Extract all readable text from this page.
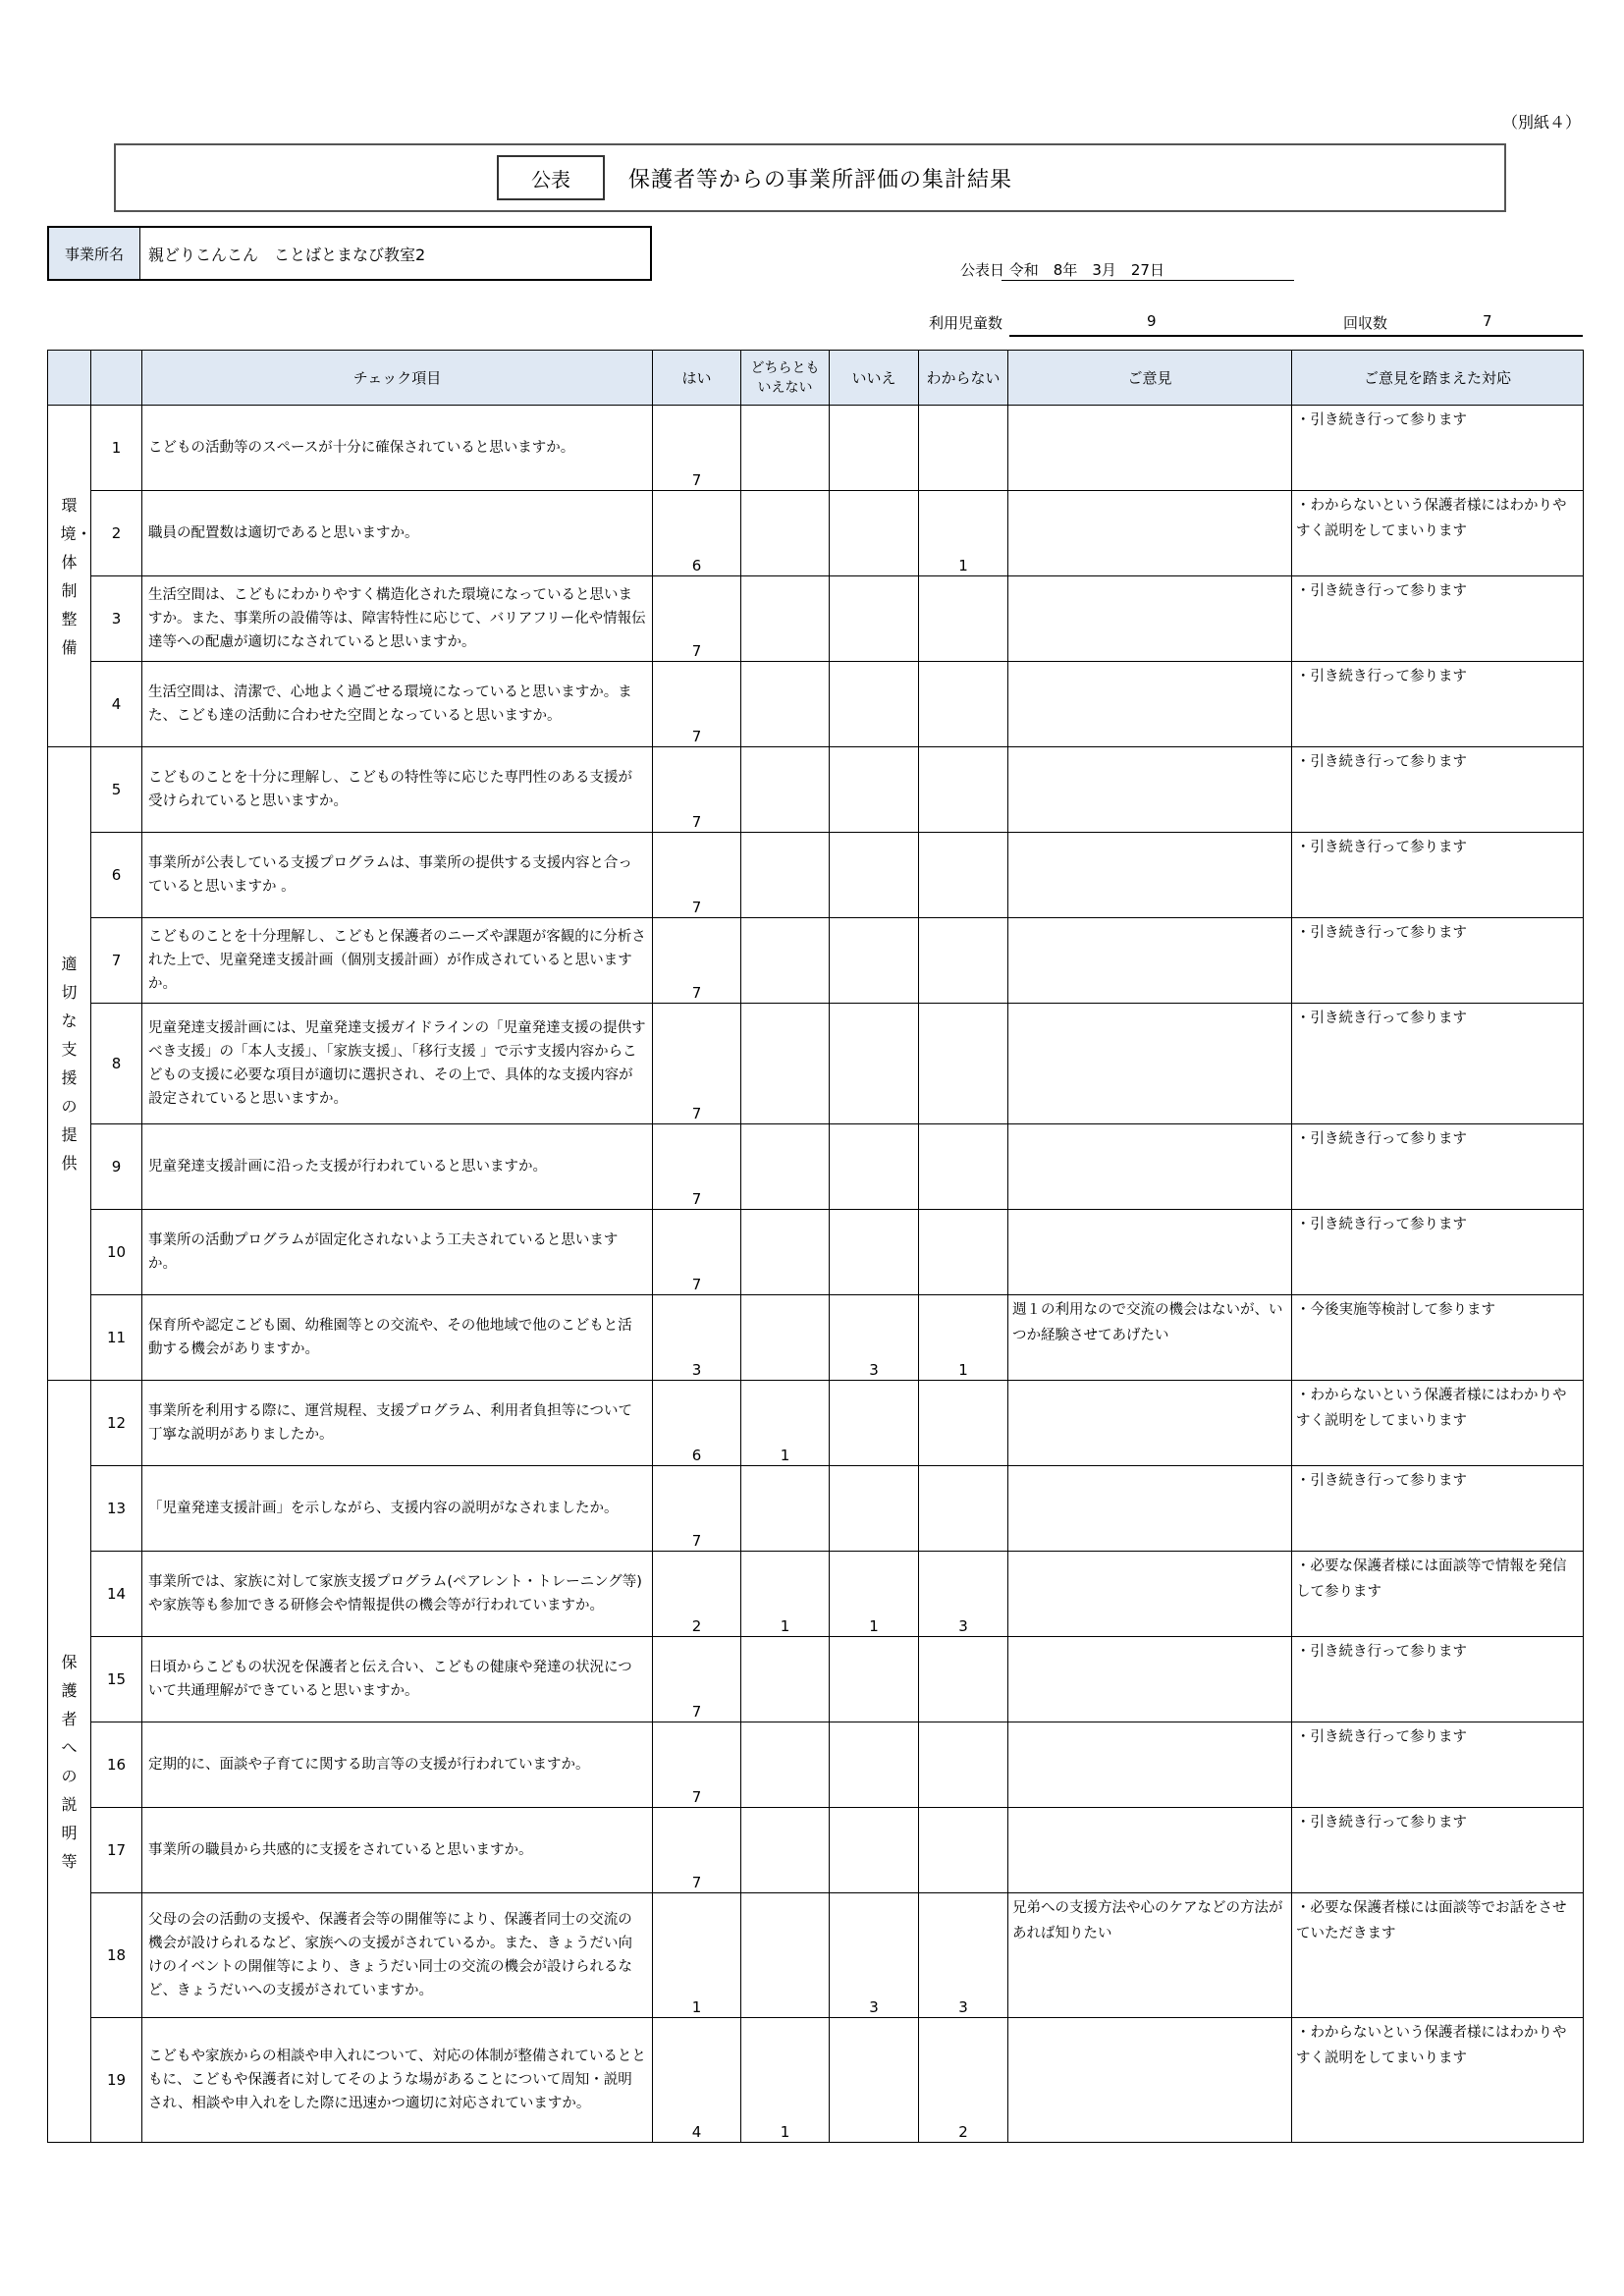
（別紙４）
公表	保護者等からの事業所評価の集計結果
事業所名	親どりこんこん　ことばとまなび教室2
公表日 令和　8年　3月　27日
利用児童数	9	回収数	7
		チェック項目	はい	どちらとも
いえない	いいえ	わからない	ご意見	ご意見を踏まえた対応
環境・体制整備	1	こどもの活動等のスペースが十分に確保されていると思いますか。	7					・引き続き行って参ります
	2	職員の配置数は適切であると思いますか。	6			1		・わからないという保護者様にはわかりやすく説明をしてまいります
	3	生活空間は、こどもにわかりやすく構造化された環境になっていると思いますか。また、事業所の設備等は、障害特性に応じて、バリアフリー化や情報伝達等への配慮が適切になされていると思いますか。	7					・引き続き行って参ります
	4	生活空間は、清潔で、心地よく過ごせる環境になっていると思いますか。また、こども達の活動に合わせた空間となっていると思いますか。	7					・引き続き行って参ります
適切な支援の提供	5	こどものことを十分に理解し、こどもの特性等に応じた専門性のある支援が受けられていると思いますか。	7					・引き続き行って参ります
	6	事業所が公表している支援プログラムは、事業所の提供する支援内容と合っていると思いますか 。	7					・引き続き行って参ります
	7	こどものことを十分理解し、こどもと保護者のニーズや課題が客観的に分析された上で、児童発達支援計画（個別支援計画）が作成されていると思いますか。	7					・引き続き行って参ります
	8	児童発達支援計画には、児童発達支援ガイドラインの「児童発達支援の提供すべき支援」の「本人支援」、「家族支援」、「移行支援 」で示す支援内容からこどもの支援に必要な項目が適切に選択され、その上で、具体的な支援内容が設定されていると思いますか。	7					・引き続き行って参ります
	9	児童発達支援計画に沿った支援が行われていると思いますか。	7					・引き続き行って参ります
	10	事業所の活動プログラムが固定化されないよう工夫されていると思いますか。	7					・引き続き行って参ります
	11	保育所や認定こども園、幼稚園等との交流や、その他地域で他のこどもと活動する機会がありますか。	3		3	1	週１の利用なので交流の機会はないが、いつか経験させてあげたい	・今後実施等検討して参ります
保護者への説明等	12	事業所を利用する際に、運営規程、支援プログラム、利用者負担等について丁寧な説明がありましたか。	6	1				・わからないという保護者様にはわかりやすく説明をしてまいります
	13	「児童発達支援計画」を示しながら、支援内容の説明がなされましたか。	7					・引き続き行って参ります
	14	事業所では、家族に対して家族支援プログラム(ペアレント・トレーニング等)や家族等も参加できる研修会や情報提供の機会等が行われていますか。	2	1	1	3		・必要な保護者様には面談等で情報を発信して参ります
	15	日頃からこどもの状況を保護者と伝え合い、こどもの健康や発達の状況について共通理解ができていると思いますか。	7					・引き続き行って参ります
	16	定期的に、面談や子育てに関する助言等の支援が行われていますか。	7					・引き続き行って参ります
	17	事業所の職員から共感的に支援をされていると思いますか。	7					・引き続き行って参ります
	18	父母の会の活動の支援や、保護者会等の開催等により、保護者同士の交流の機会が設けられるなど、家族への支援がされているか。また、きょうだい向けのイベントの開催等により、きょうだい同士の交流の機会が設けられるなど、きょうだいへの支援がされていますか。	1		3	3	兄弟への支援方法や心のケアなどの方法があれば知りたい	・必要な保護者様には面談等でお話をさせていただきます
	19	こどもや家族からの相談や申入れについて、対応の体制が整備されているとともに、こどもや保護者に対してそのような場があることについて周知・説明され、相談や申入れをした際に迅速かつ適切に対応されていますか。	4	1		2		・わからないという保護者様にはわかりやすく説明をしてまいります
